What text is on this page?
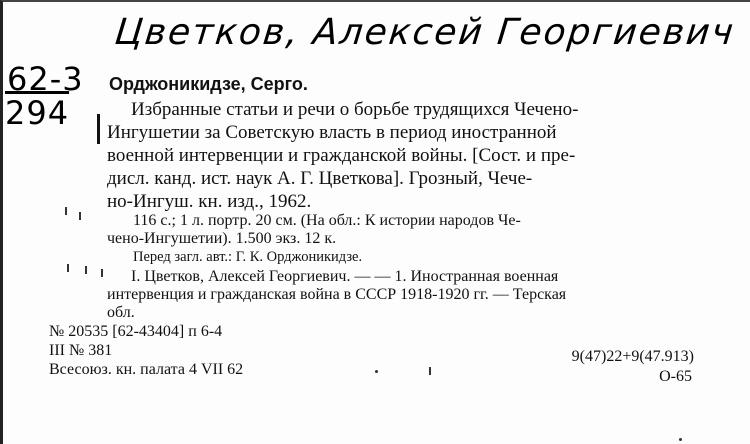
Цветков, Алексей Георгиевич
62-3
294
Орджоникидзе, Серго.
Избранные статьи и речи о борьбе трудящихся Чечено-
Ингушетии за Советскую власть в период иностранной
военной интервенции и гражданской войны. [Сост. и пре-
дисл. канд. ист. наук А. Г. Цветкова]. Грозный, Чече-
но-Ингуш. кн. изд., 1962.
116 с.; 1 л. портр. 20 см. (На обл.: К истории народов Че-
чено-Ингушетии). 1.500 экз. 12 к.
Перед загл. авт.: Г. К. Орджоникидзе.
I. Цветков, Алексей Георгиевич. — — 1. Иностранная военная
интервенция и гражданская война в СССР 1918-1920 гг. — Терская
обл.
№ 20535 [62-43404] п 6-4
III № 381
Всесоюз. кн. палата 4 VII 62
9(47)22+9(47.913)
О-65
